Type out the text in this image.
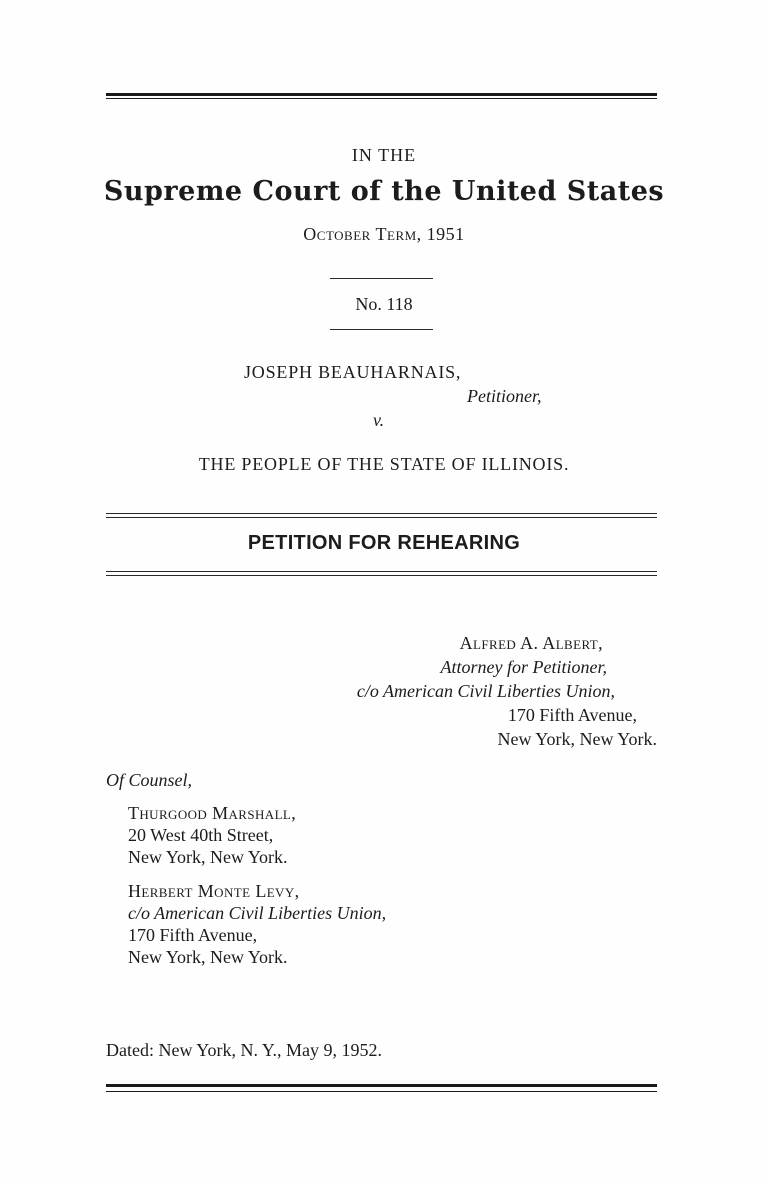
IN THE
Supreme Court of the United States
October Term, 1951
No. 118
JOSEPH BEAUHARNAIS,
Petitioner,
v.
THE PEOPLE OF THE STATE OF ILLINOIS.
PETITION FOR REHEARING
Alfred A. Albert,
Attorney for Petitioner,
c/o American Civil Liberties Union,
170 Fifth Avenue,
New York, New York.
Of Counsel,
Thurgood Marshall,
20 West 40th Street,
New York, New York.
Herbert Monte Levy,
c/o American Civil Liberties Union,
170 Fifth Avenue,
New York, New York.
Dated: New York, N. Y., May 9, 1952.
